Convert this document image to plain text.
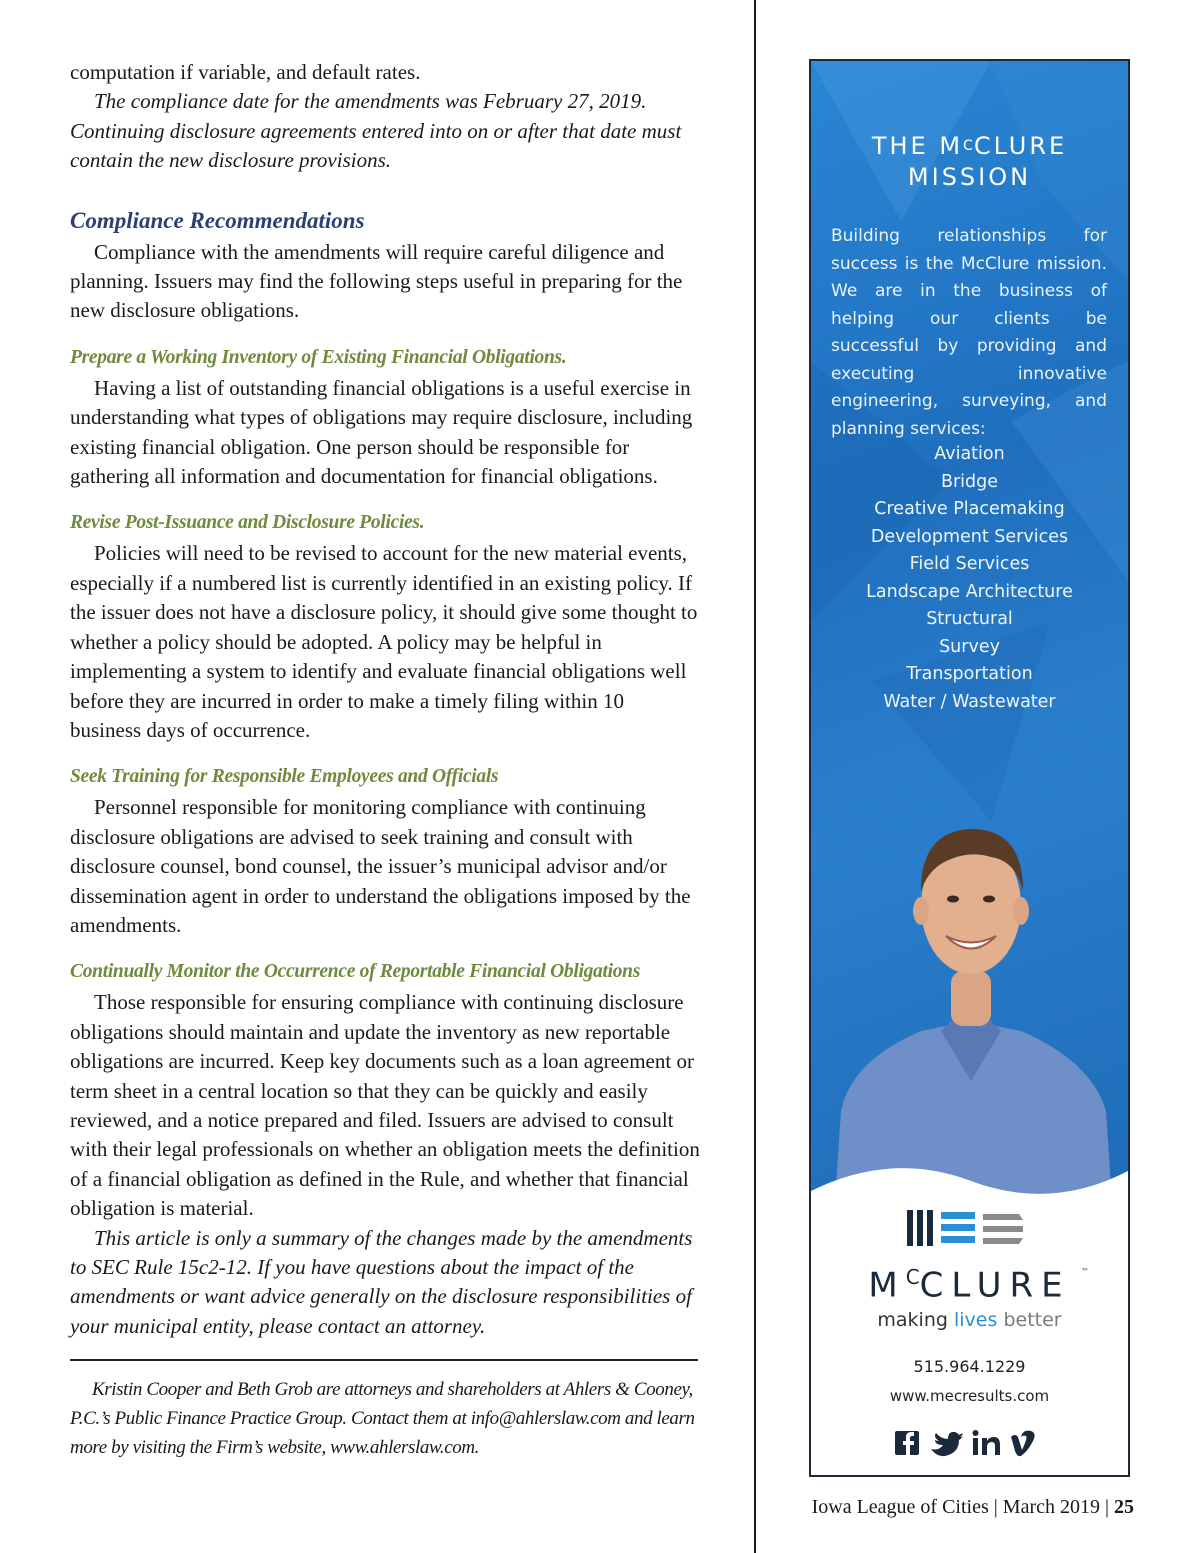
computation if variable, and default rates.

The compliance date for the amendments was February 27, 2019. Continuing disclosure agreements entered into on or after that date must contain the new disclosure provisions.

Compliance Recommendations

Compliance with the amendments will require careful diligence and planning. Issuers may find the following steps useful in preparing for the new disclosure obligations.

Prepare a Working Inventory of Existing Financial Obligations.

Having a list of outstanding financial obligations is a useful exercise in understanding what types of obligations may require disclosure, including existing financial obligation. One person should be responsible for gathering all information and documentation for financial obligations.

Revise Post-Issuance and Disclosure Policies.

Policies will need to be revised to account for the new material events, especially if a numbered list is currently identified in an existing policy. If the issuer does not have a disclosure policy, it should give some thought to whether a policy should be adopted. A policy may be helpful in implementing a system to identify and evaluate financial obligations well before they are incurred in order to make a timely filing within 10 business days of occurrence.

Seek Training for Responsible Employees and Officials

Personnel responsible for monitoring compliance with continuing disclosure obligations are advised to seek training and consult with disclosure counsel, bond counsel, the issuer’s municipal advisor and/or dissemination agent in order to understand the obligations imposed by the amendments.

Continually Monitor the Occurrence of Reportable Financial Obligations

Those responsible for ensuring compliance with continuing disclosure obligations should maintain and update the inventory as new reportable obligations are incurred. Keep key documents such as a loan agreement or term sheet in a central location so that they can be quickly and easily reviewed, and a notice prepared and filed. Issuers are advised to consult with their legal professionals on whether an obligation meets the definition of a financial obligation as defined in the Rule, and whether that financial obligation is material.

This article is only a summary of the changes made by the amendments to SEC Rule 15c2-12. If you have questions about the impact of the amendments or want advice generally on the disclosure responsibilities of your municipal entity, please contact an attorney.

Kristin Cooper and Beth Grob are attorneys and shareholders at Ahlers & Cooney, P.C.’s Public Finance Practice Group. Contact them at info@ahlerslaw.com and learn more by visiting the Firm’s website, www.ahlerslaw.com.

THE $M^CCLURE$
MISSION
Building relationships for success is the McClure mission. We are in the business of helping our clients be successful by providing and executing innovative engineering, surveying, and planning services:
Aviation
Bridge
Creative Placemaking
Development Services
Field Services
Landscape Architecture
Structural
Survey
Transportation
Water / Wastewater
$M^CCLURE$	™
making lives better
515.964.1229
www.mecresults.com
Iowa League of Cities | March 2019 | 25
